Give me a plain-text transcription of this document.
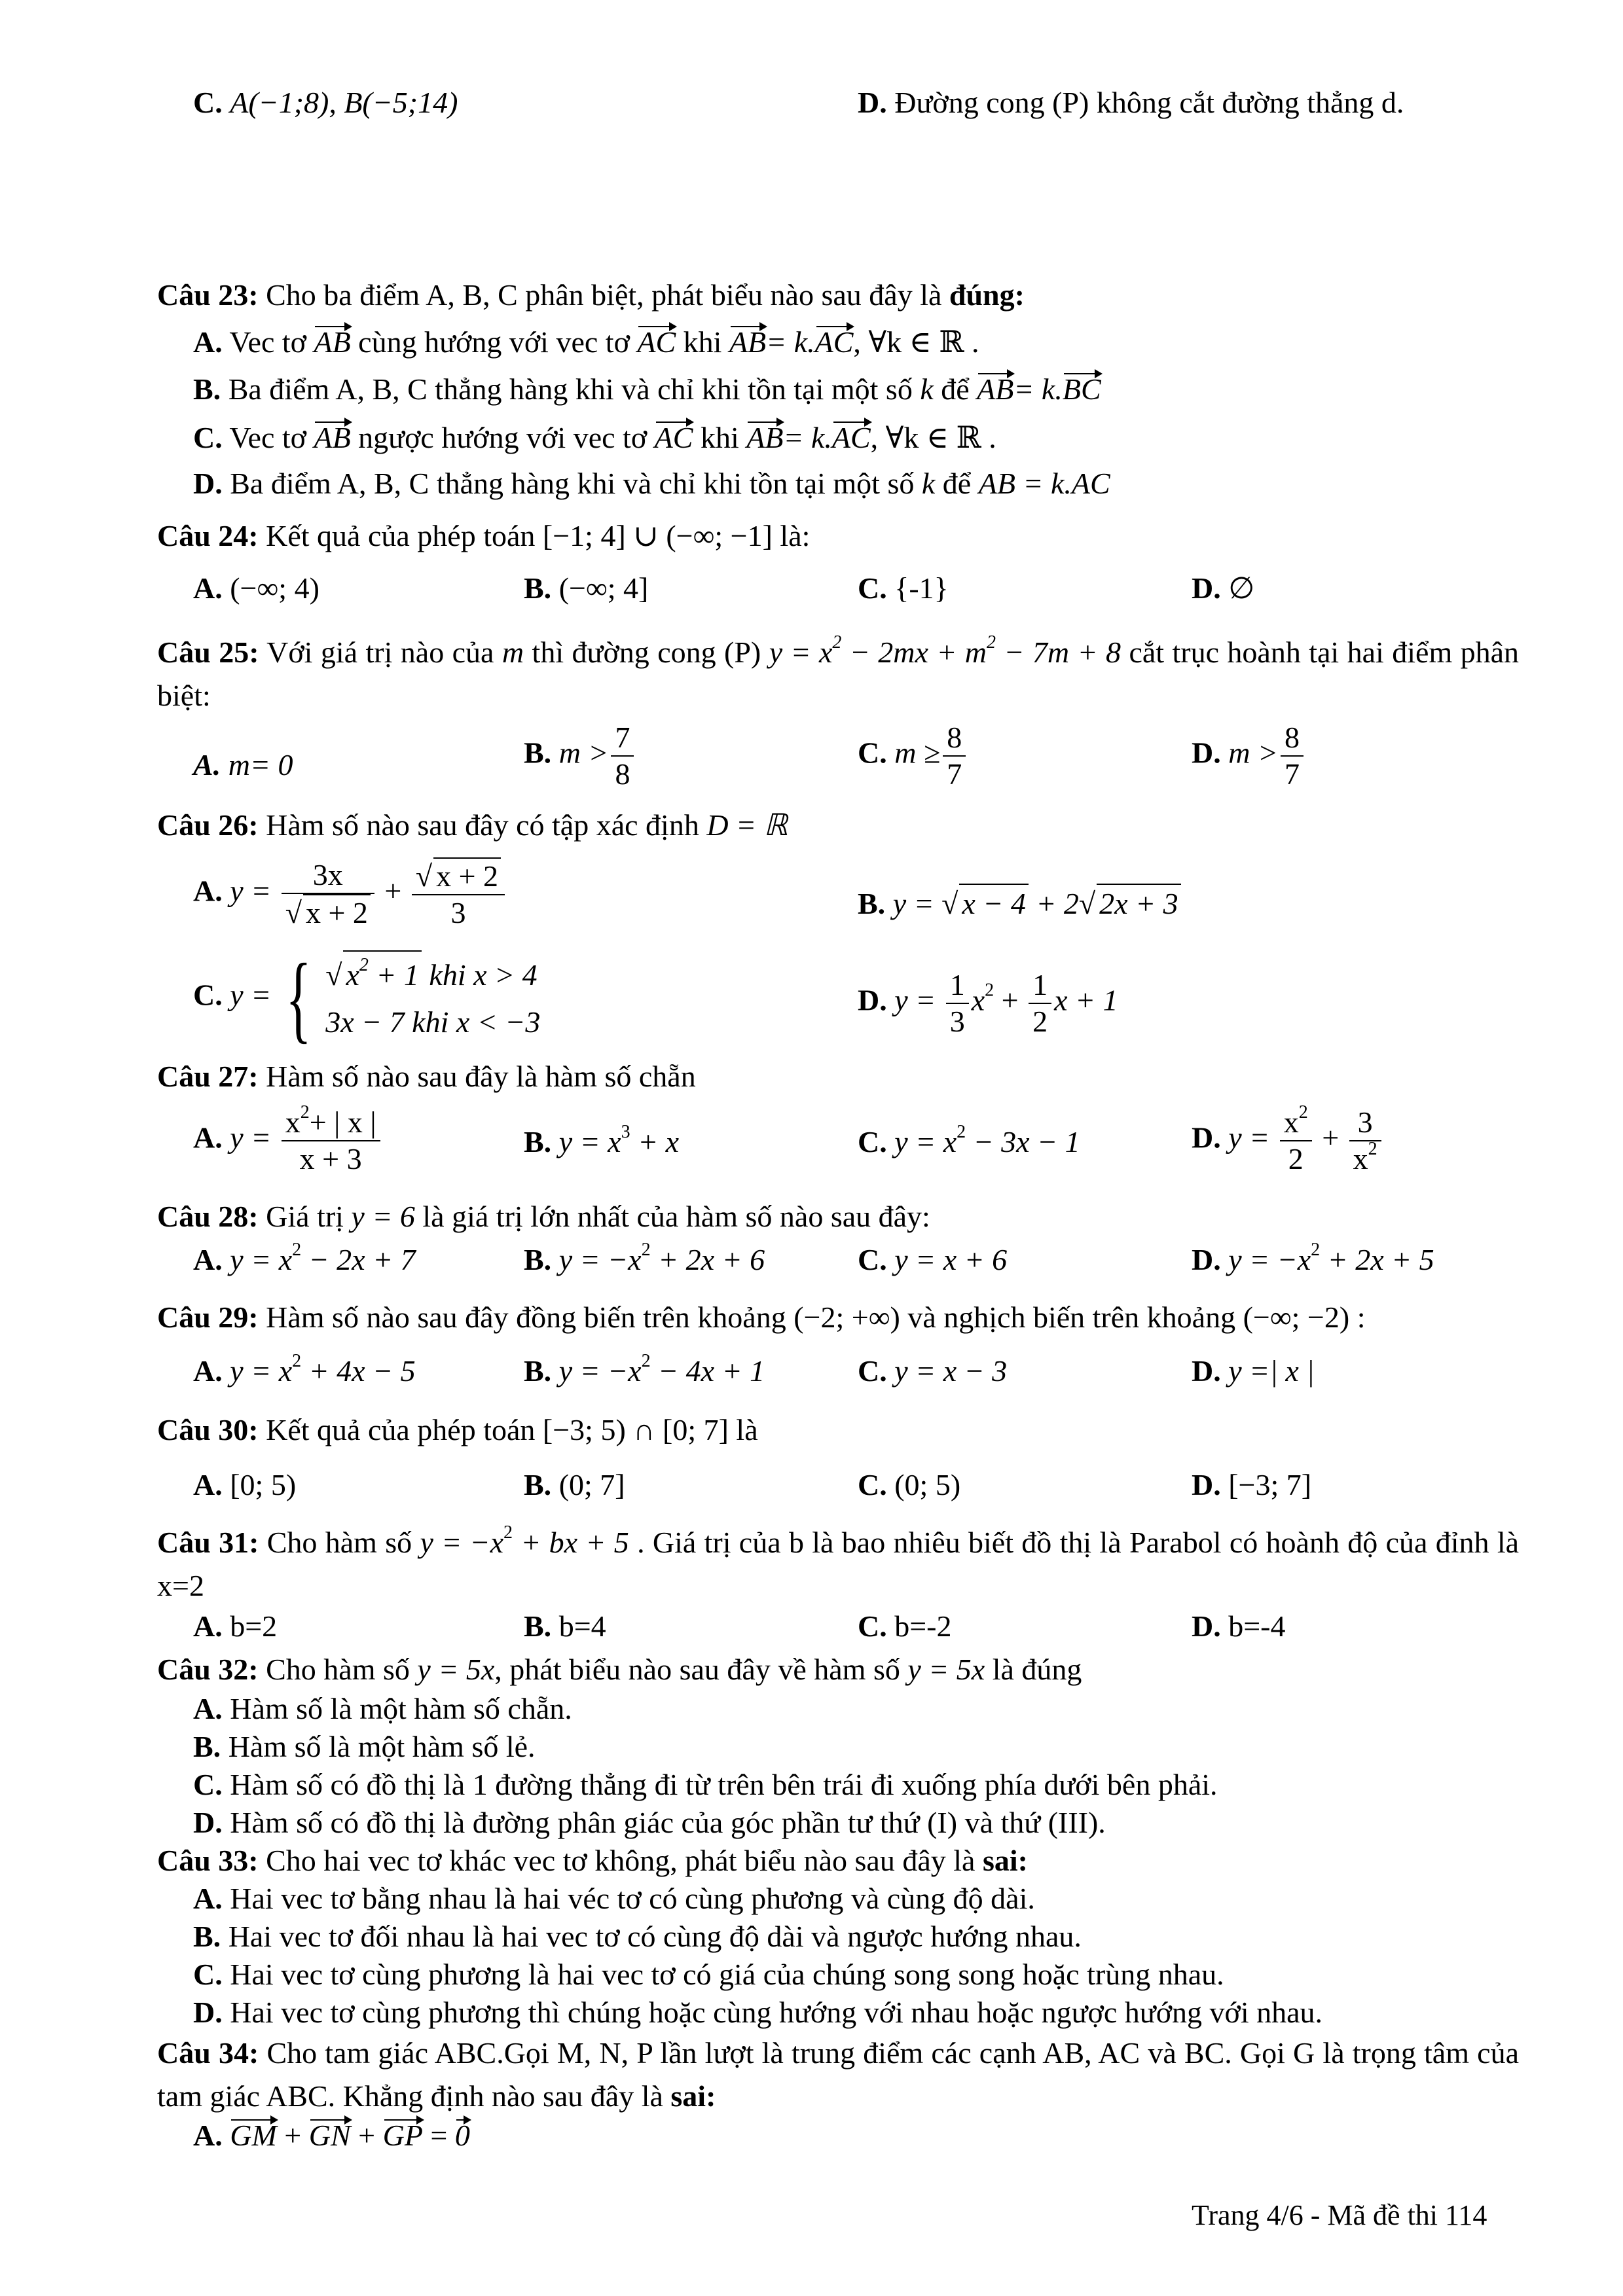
C. A(−1;8), B(−5;14)	D. Đường cong (P) không cắt đường thẳng d.
Câu 23: Cho ba điểm A, B, C phân biệt, phát biểu nào sau đây là đúng:
A. Vec tơ AB cùng hướng với vec tơ AC khi AB= k.AC, ∀k ∈ ℝ .
B. Ba điểm A, B, C thẳng hàng khi và chỉ khi tồn tại một số k để AB= k.BC
C. Vec tơ AB ngược hướng với vec tơ AC khi AB= k.AC, ∀k ∈ ℝ .
D. Ba điểm A, B, C thẳng hàng khi và chỉ khi tồn tại một số k để AB = k.AC
Câu 24: Kết quả của phép toán [−1; 4] ∪ (−∞; −1] là:
A. (−∞; 4)	B. (−∞; 4]	C. {-1}	D. ∅
Câu 25: Với giá trị nào của m thì đường cong (P) $y = x^2 - 2mx + m^2 - 7m + 8$ cắt trục hoành tại hai điểm phân biệt:
A. m= 0	B. $m > \frac{7}{8}$	C. $m \ge \frac{8}{7}$	D. $m > \frac{8}{7}$
Câu 26: Hàm số nào sau đây có tập xác định D = ℝ
A. y = 3x
√ x + 2 + √ $\frac{x + 2}{3}$	B. y = √ x − 4 + 2 √ 2x + 3
C. y = { √	$x^2 + 1$ khi x > 4
3x − 7 khi x < −3
D. $y = \frac{1}{3} x^2 + \frac{1}{2}$ x + 1
Câu 27: Hàm số nào sau đây là hàm số chẵn
A. $y = \frac{x^2+ | x |}{x + 3}$	B. $y = x^3 + x$	C. $y = x^2 - 3x - 1$	D. $y = \frac{x^2}{2} + \frac{3}{x^2}$
Câu 28: Giá trị y = 6 là giá trị lớn nhất của hàm số nào sau đây:
A. $y = x^2 - 2x + 7$	B. $y = -x^2 + 2x + 6$	C. y = x + 6	D. $y = -x^2 + 2x + 5$
Câu 29: Hàm số nào sau đây đồng biến trên khoảng (−2; +∞) và nghịch biến trên khoảng (−∞; −2) :
A. $y = x^2 + 4x - 5$	B. $y = -x^2 - 4x + 1$	C. y = x − 3	D. y =| x |
Câu 30: Kết quả của phép toán [−3; 5) ∩ [0; 7] là
A. [0; 5)	B. (0; 7]	C. (0; 5)	D. [−3; 7]
Câu 31: Cho hàm số $y = -x^2$ + bx + 5 . Giá trị của b là bao nhiêu biết đồ thị là Parabol có hoành độ của đỉnh là x=2
A. b=2	B. b=4	C. b=-2	D. b=-4
Câu 32: Cho hàm số y = 5x, phát biểu nào sau đây về hàm số y = 5x là đúng
A. Hàm số là một hàm số chẵn.
B. Hàm số là một hàm số lẻ.
C. Hàm số có đồ thị là 1 đường thẳng đi từ trên bên trái đi xuống phía dưới bên phải.
D. Hàm số có đồ thị là đường phân giác của góc phần tư thứ (I) và thứ (III).
Câu 33: Cho hai vec tơ khác vec tơ không, phát biểu nào sau đây là sai:
A. Hai vec tơ bằng nhau là hai véc tơ có cùng phương và cùng độ dài.
B. Hai vec tơ đối nhau là hai vec tơ có cùng độ dài và ngược hướng nhau.
C. Hai vec tơ cùng phương là hai vec tơ có giá của chúng song song hoặc trùng nhau.
D. Hai vec tơ cùng phương thì chúng hoặc cùng hướng với nhau hoặc ngược hướng với nhau.
Câu 34: Cho tam giác ABC.Gọi M, N, P lần lượt là trung điểm các cạnh AB, AC và BC. Gọi G là trọng tâm của tam giác ABC. Khẳng định nào sau đây là sai:
A. GM + GN + GP = 0
Trang 4/6 - Mã đề thi 114
